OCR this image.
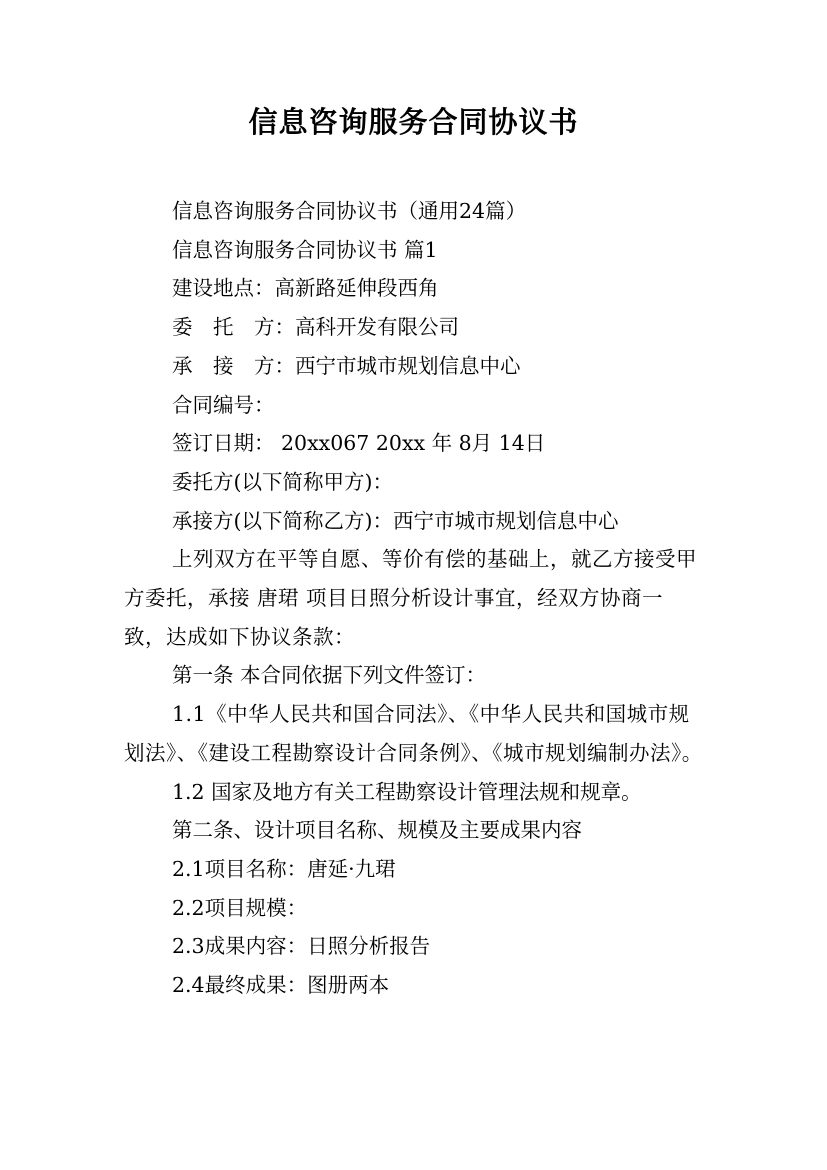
信息咨询服务合同协议书

信息咨询服务合同协议书（通用24篇）

信息咨询服务合同协议书 篇1

建设地点：高新路延伸段西角

委　托　方：高科开发有限公司

承　接　方：西宁市城市规划信息中心

合同编号：

签订日期： 20xx067 20xx 年 8月 14日

委托方(以下简称甲方)：

承接方(以下简称乙方)：西宁市城市规划信息中心

上列双方在平等自愿、等价有偿的基础上，就乙方接受甲方委托，承接 唐珺 项目日照分析设计事宜，经双方协商一致，达成如下协议条款：

第一条 本合同依据下列文件签订：

1.1《中华人民共和国合同法》、《中华人民共和国城市规划法》、《建设工程勘察设计合同条例》、《城市规划编制办法》。

1.2 国家及地方有关工程勘察设计管理法规和规章。

第二条、设计项目名称、规模及主要成果内容

2.1项目名称：唐延·九珺

2.2项目规模：

2.3成果内容：日照分析报告

2.4最终成果：图册两本
